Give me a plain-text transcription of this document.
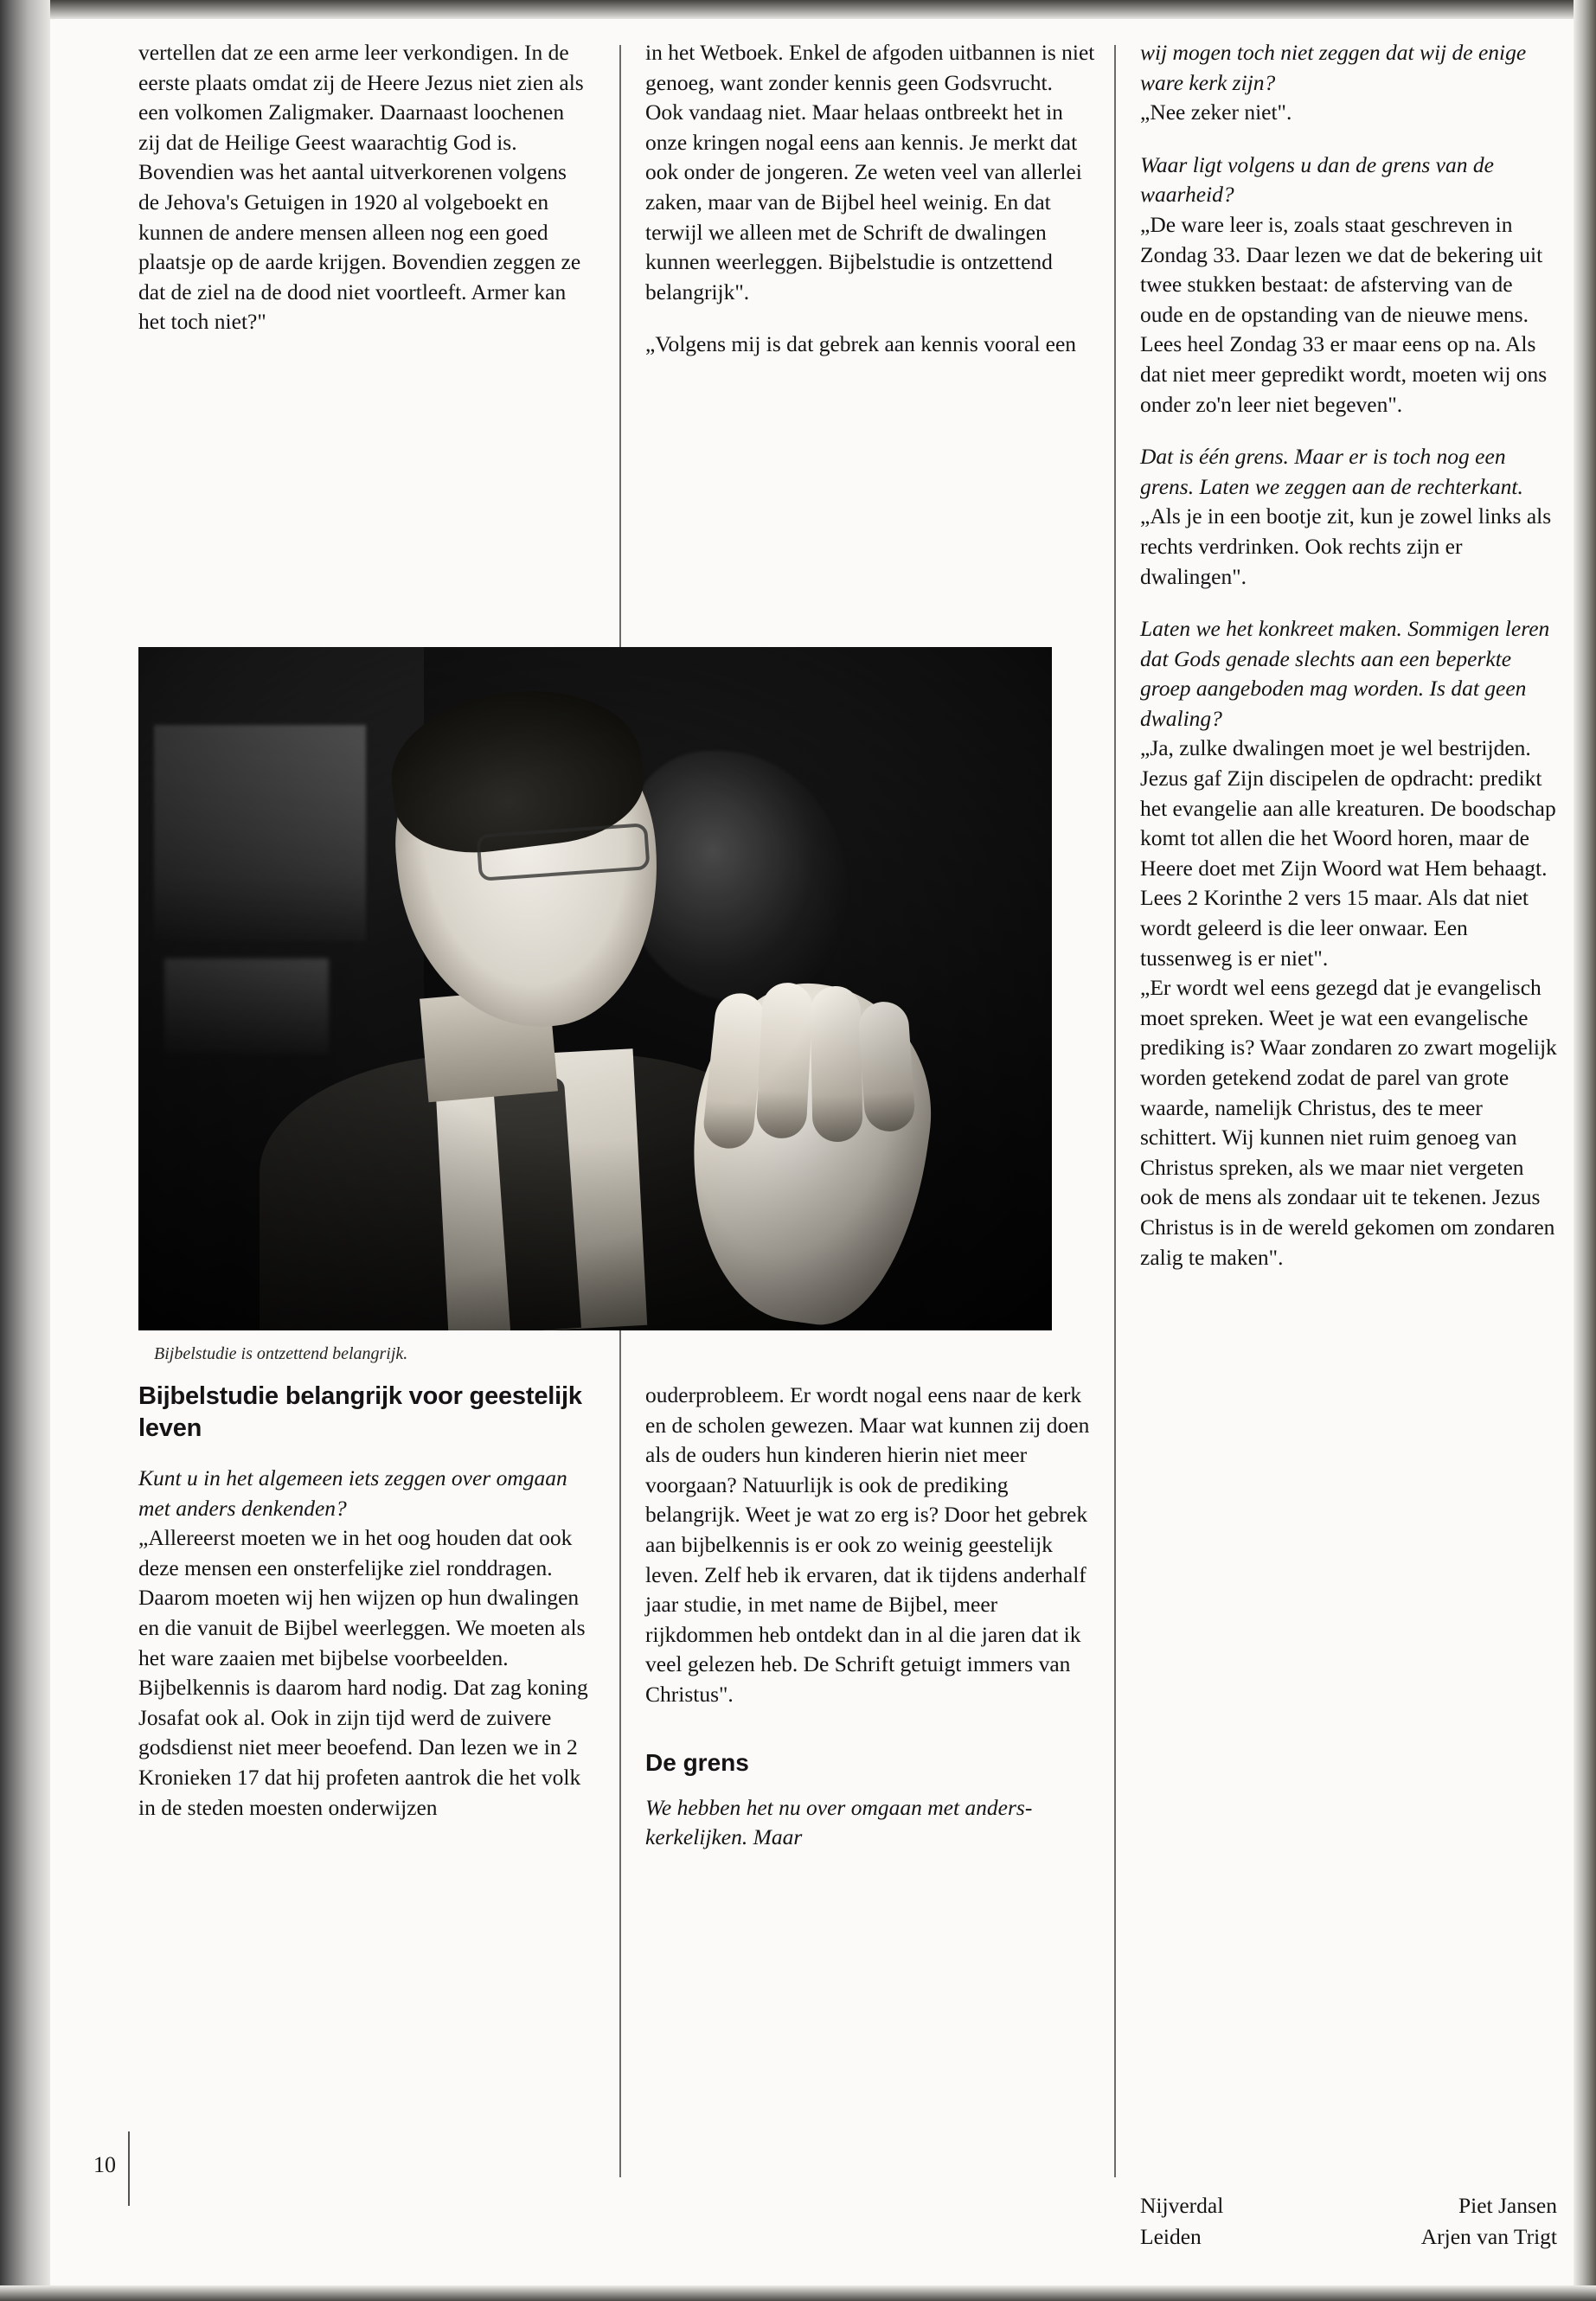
vertellen dat ze een arme leer verkondigen. In de eerste plaats omdat zij de Heere Jezus niet zien als een volkomen Zaligmaker. Daarnaast loochenen zij dat de Heilige Geest waarachtig God is. Bovendien was het aantal uitverkorenen volgens de Jehova's Getuigen in 1920 al volgeboekt en kunnen de andere mensen alleen nog een goed plaatsje op de aarde krijgen. Bovendien zeggen ze dat de ziel na de dood niet voortleeft. Armer kan het toch niet?"

in het Wetboek. Enkel de afgoden uitbannen is niet genoeg, want zonder kennis geen Godsvrucht. Ook vandaag niet. Maar helaas ontbreekt het in onze kringen nogal eens aan kennis. Je merkt dat ook onder de jongeren. Ze weten veel van allerlei zaken, maar van de Bijbel heel weinig. En dat terwijl we alleen met de Schrift de dwalingen kunnen weerleggen. Bijbelstudie is ontzettend belangrijk".

„Volgens mij is dat gebrek aan kennis vooral een

wij mogen toch niet zeggen dat wij de enige ware kerk zijn?

„Nee zeker niet".

Waar ligt volgens u dan de grens van de waarheid?

„De ware leer is, zoals staat geschreven in Zondag 33. Daar lezen we dat de bekering uit twee stukken bestaat: de afsterving van de oude en de opstanding van de nieuwe mens. Lees heel Zondag 33 er maar eens op na. Als dat niet meer gepredikt wordt, moeten wij ons onder zo'n leer niet begeven".

Dat is één grens. Maar er is toch nog een grens. Laten we zeggen aan de rechterkant.

„Als je in een bootje zit, kun je zowel links als rechts verdrinken. Ook rechts zijn er dwalingen".

Laten we het konkreet maken. Sommigen leren dat Gods genade slechts aan een beperkte groep aangeboden mag worden. Is dat geen dwaling?

„Ja, zulke dwalingen moet je wel bestrijden. Jezus gaf Zijn discipelen de opdracht: predikt het evangelie aan alle kreaturen. De boodschap komt tot allen die het Woord horen, maar de Heere doet met Zijn Woord wat Hem behaagt. Lees 2 Korinthe 2 vers 15 maar. Als dat niet wordt geleerd is die leer onwaar. Een tussenweg is er niet".

„Er wordt wel eens gezegd dat je evangelisch moet spreken. Weet je wat een evangelische prediking is? Waar zondaren zo zwart mogelijk worden getekend zodat de parel van grote waarde, namelijk Christus, des te meer schittert. Wij kunnen niet ruim genoeg van Christus spreken, als we maar niet vergeten ook de mens als zondaar uit te tekenen. Jezus Christus is in de wereld gekomen om zondaren zalig te maken".

Bijbelstudie is ontzettend belangrijk.
Bijbelstudie belangrijk voor geestelijk leven

Kunt u in het algemeen iets zeggen over omgaan met anders denkenden?

„Allereerst moeten we in het oog houden dat ook deze mensen een onsterfelijke ziel ronddragen. Daarom moeten wij hen wijzen op hun dwalingen en die vanuit de Bijbel weerleggen. We moeten als het ware zaaien met bijbelse voorbeelden. Bijbelkennis is daarom hard nodig. Dat zag koning Josafat ook al. Ook in zijn tijd werd de zuivere godsdienst niet meer beoefend. Dan lezen we in 2 Kronieken 17 dat hij profeten aantrok die het volk in de steden moesten onderwijzen

ouderprobleem. Er wordt nogal eens naar de kerk en de scholen gewezen. Maar wat kunnen zij doen als de ouders hun kinderen hierin niet meer voorgaan? Natuurlijk is ook de prediking belangrijk. Weet je wat zo erg is? Door het gebrek aan bijbelkennis is er ook zo weinig geestelijk leven. Zelf heb ik ervaren, dat ik tijdens anderhalf jaar studie, in met name de Bijbel, meer rijkdommen heb ontdekt dan in al die jaren dat ik veel gelezen heb. De Schrift getuigt immers van Christus".

De grens

We hebben het nu over omgaan met anders-kerkelijken. Maar

Nijverdal	Piet Jansen
Leiden	Arjen van Trigt
10
